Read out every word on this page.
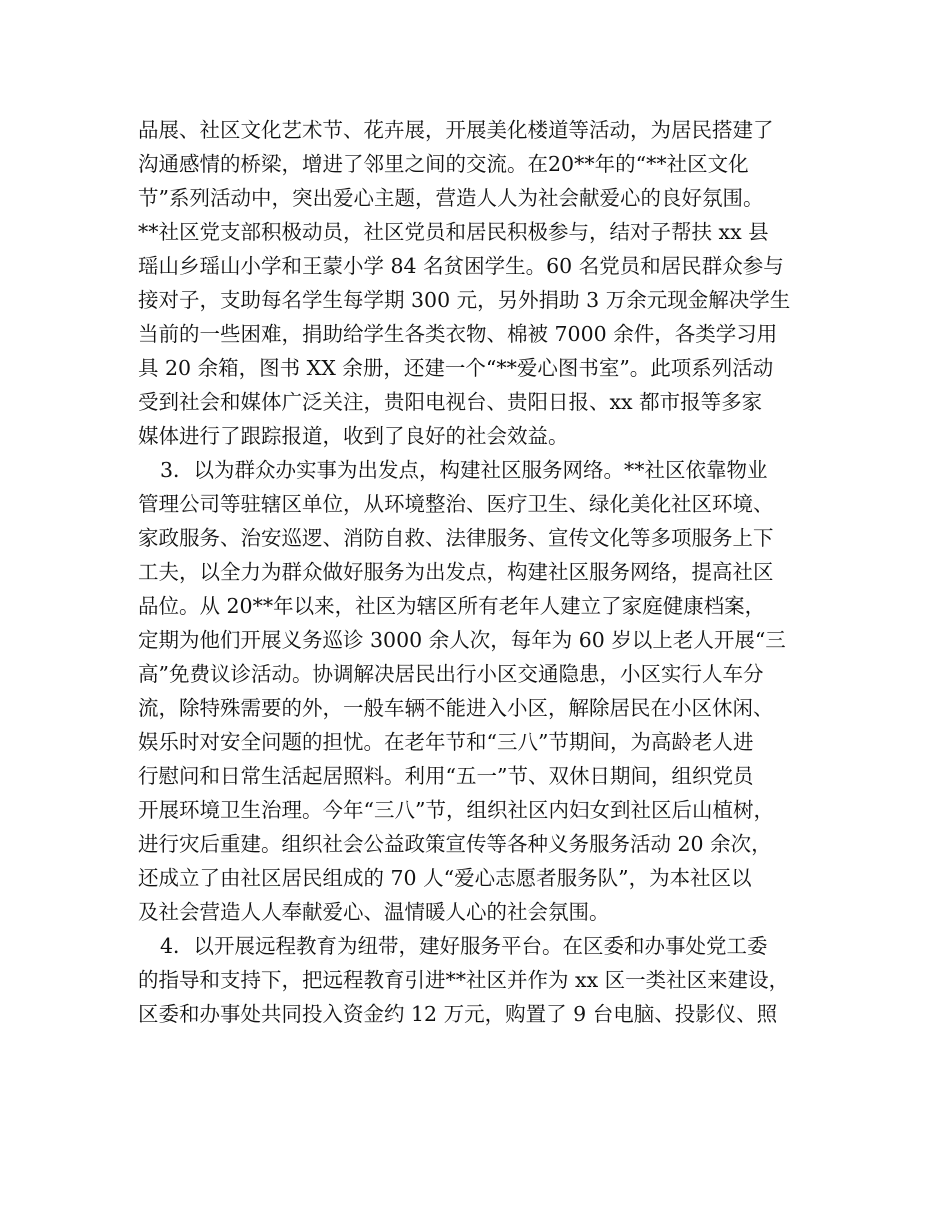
品展、社区文化艺术节、花卉展，开展美化楼道等活动，为居民搭建了
沟通感情的桥梁，增进了邻里之间的交流。在20**年的“**社区文化
节”系列活动中，突出爱心主题，营造人人为社会献爱心的良好氛围。
**社区党支部积极动员，社区党员和居民积极参与，结对子帮扶 xx 县
瑶山乡瑶山小学和王蒙小学 84 名贫困学生。60 名党员和居民群众参与
接对子，支助每名学生每学期 300 元，另外捐助 3 万余元现金解决学生
当前的一些困难，捐助给学生各类衣物、棉被 7000 余件，各类学习用
具 20 余箱，图书 XX 余册，还建一个“**爱心图书室”。此项系列活动
受到社会和媒体广泛关注，贵阳电视台、贵阳日报、xx 都市报等多家
媒体进行了跟踪报道，收到了良好的社会效益。
3．以为群众办实事为出发点，构建社区服务网络。**社区依靠物业
管理公司等驻辖区单位，从环境整治、医疗卫生、绿化美化社区环境、
家政服务、治安巡逻、消防自救、法律服务、宣传文化等多项服务上下
工夫，以全力为群众做好服务为出发点，构建社区服务网络，提高社区
品位。从 20**年以来，社区为辖区所有老年人建立了家庭健康档案，
定期为他们开展义务巡诊 3000 余人次，每年为 60 岁以上老人开展“三
高”免费议诊活动。协调解决居民出行小区交通隐患，小区实行人车分
流，除特殊需要的外，一般车辆不能进入小区，解除居民在小区休闲、
娱乐时对安全问题的担忧。在老年节和“三八”节期间，为高龄老人进
行慰问和日常生活起居照料。利用“五一”节、双休日期间，组织党员
开展环境卫生治理。今年“三八”节，组织社区内妇女到社区后山植树，
进行灾后重建。组织社会公益政策宣传等各种义务服务活动 20 余次，
还成立了由社区居民组成的 70 人“爱心志愿者服务队”，为本社区以
及社会营造人人奉献爱心、温情暖人心的社会氛围。
4．以开展远程教育为纽带，建好服务平台。在区委和办事处党工委
的指导和支持下，把远程教育引进**社区并作为 xx 区一类社区来建设，
区委和办事处共同投入资金约 12 万元，购置了 9 台电脑、投影仪、照
